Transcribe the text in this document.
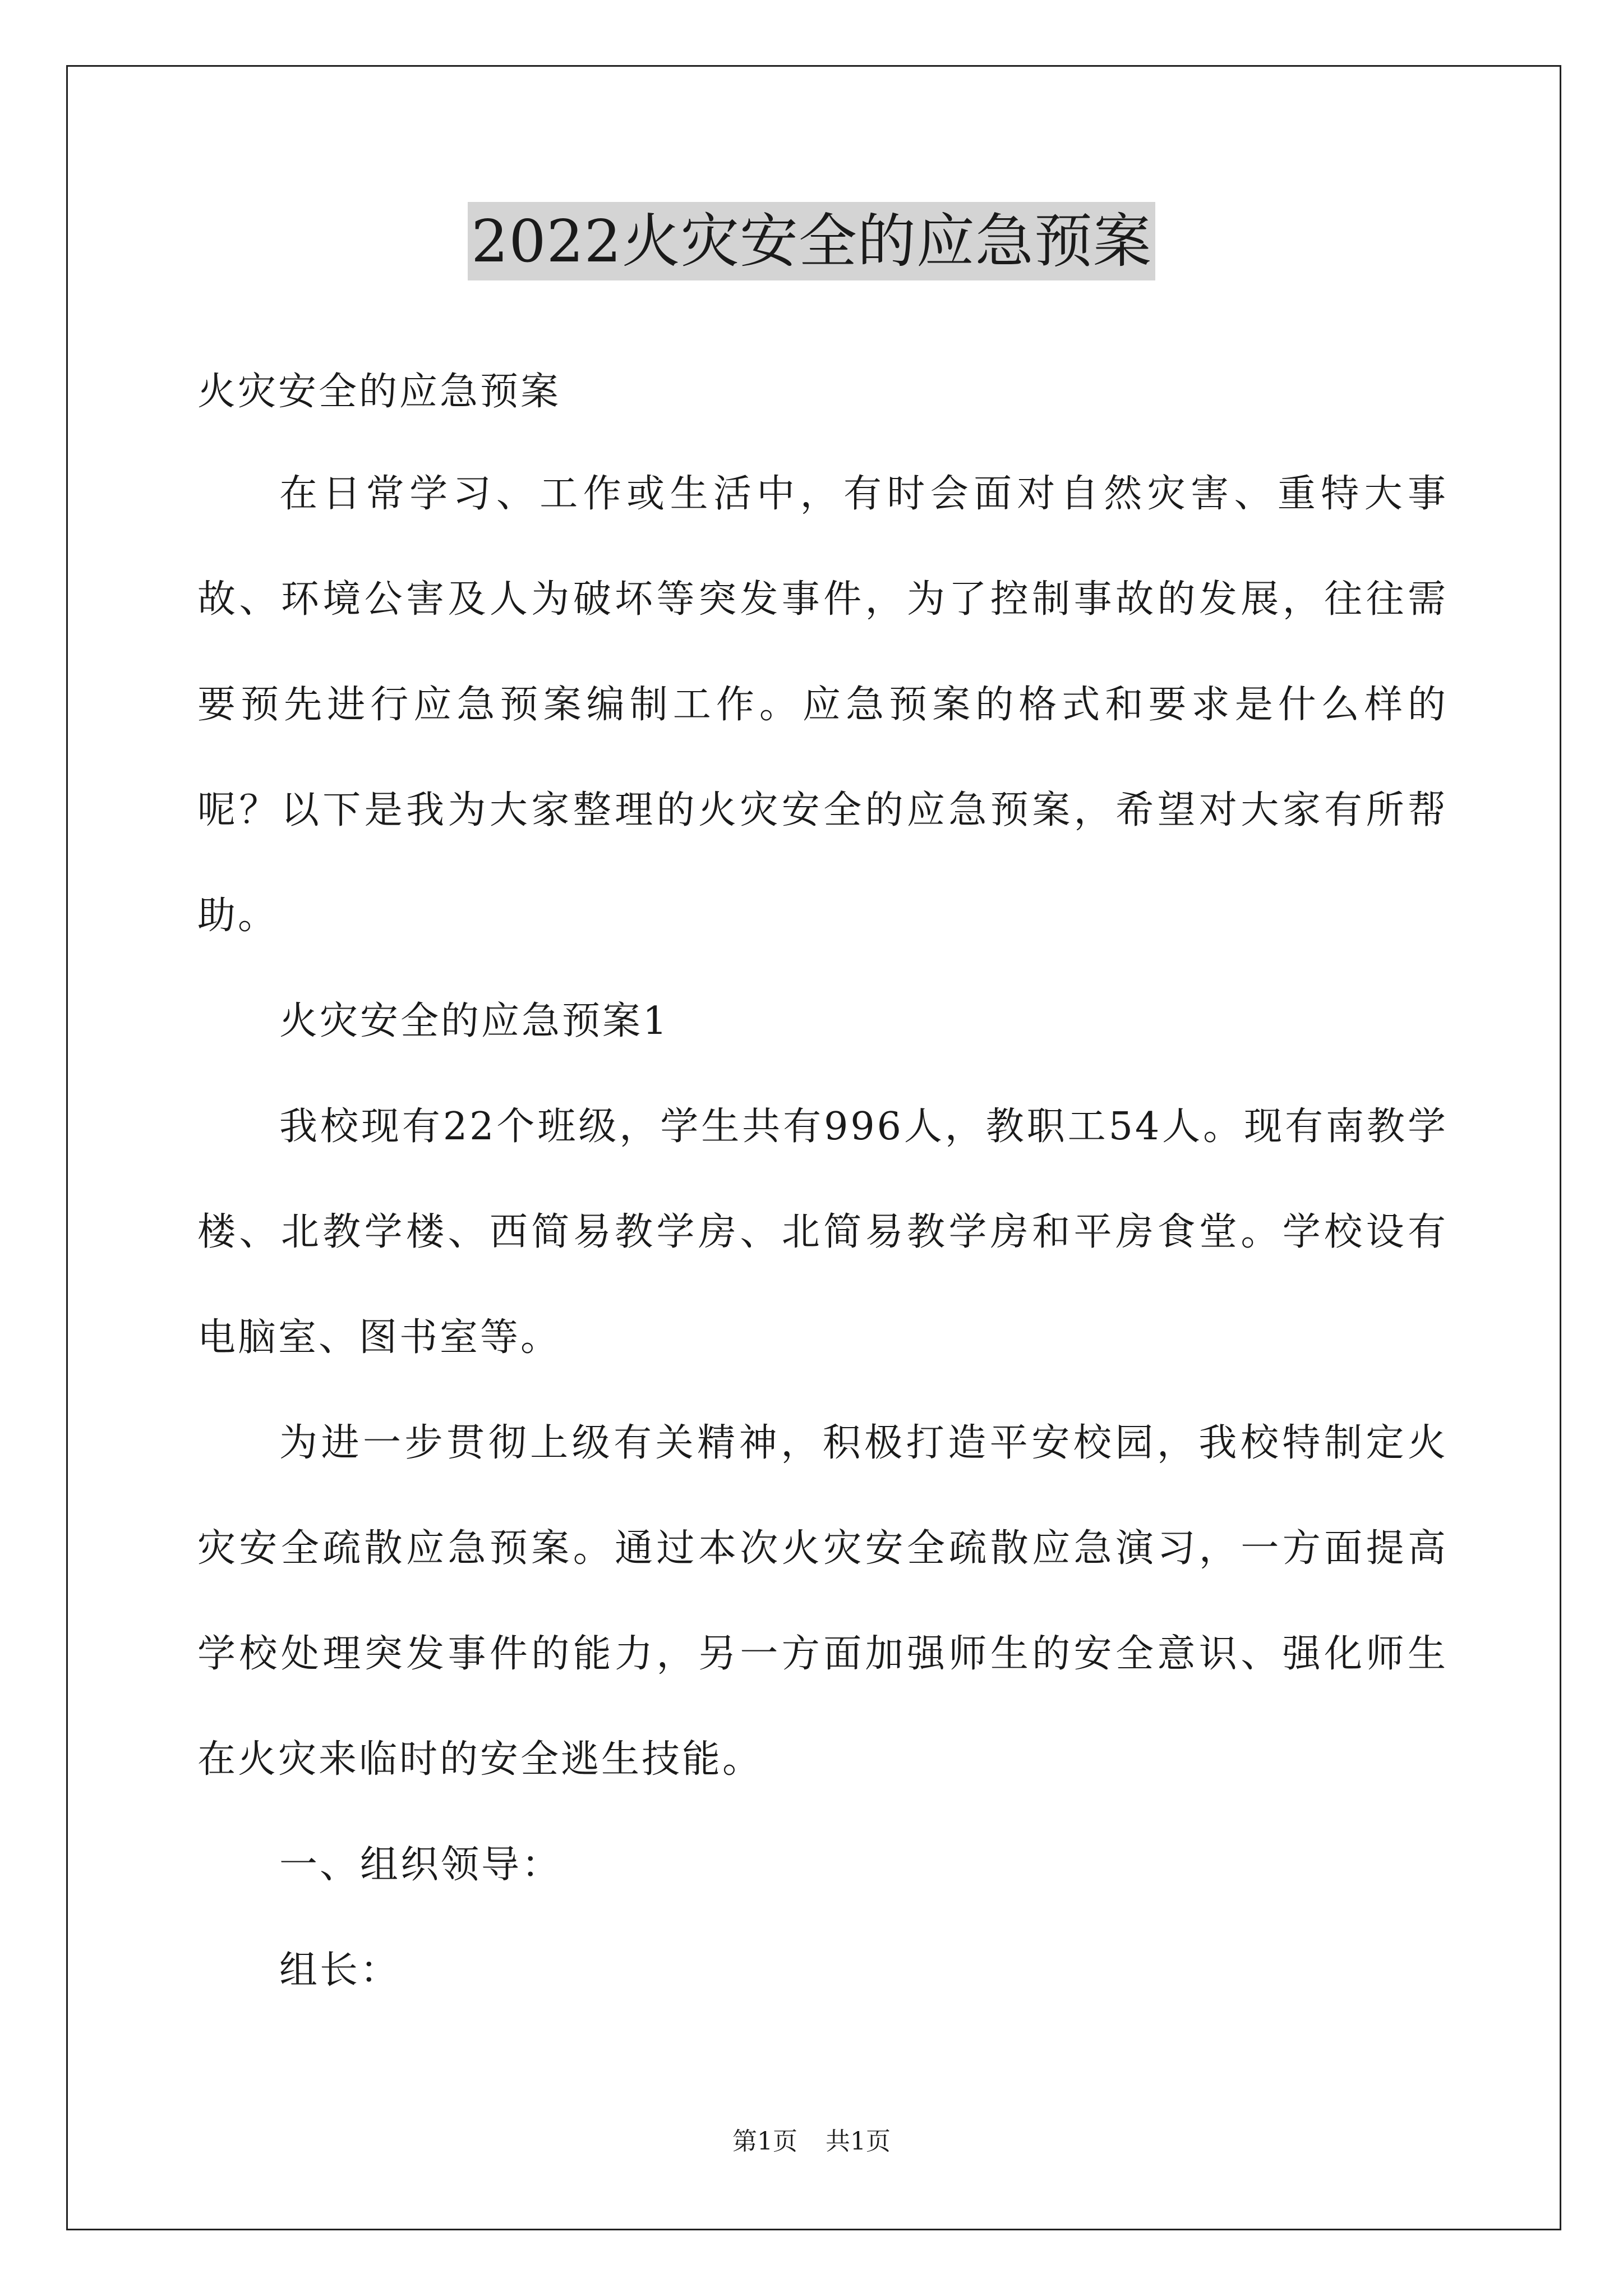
2022火灾安全的应急预案

火灾安全的应急预案

在日常学习、工作或生活中，有时会面对自然灾害、重特大事故、环境公害及人为破坏等突发事件，为了控制事故的发展，往往需要预先进行应急预案编制工作。应急预案的格式和要求是什么样的呢？以下是我为大家整理的火灾安全的应急预案，希望对大家有所帮助。

火灾安全的应急预案1

我校现有22个班级，学生共有996人，教职工54人。现有南教学楼、北教学楼、西简易教学房、北简易教学房和平房食堂。学校设有电脑室、图书室等。

为进一步贯彻上级有关精神，积极打造平安校园，我校特制定火灾安全疏散应急预案。通过本次火灾安全疏散应急演习，一方面提高学校处理突发事件的能力，另一方面加强师生的安全意识、强化师生在火灾来临时的安全逃生技能。

一、组织领导：

组长：

第1页 共1页
